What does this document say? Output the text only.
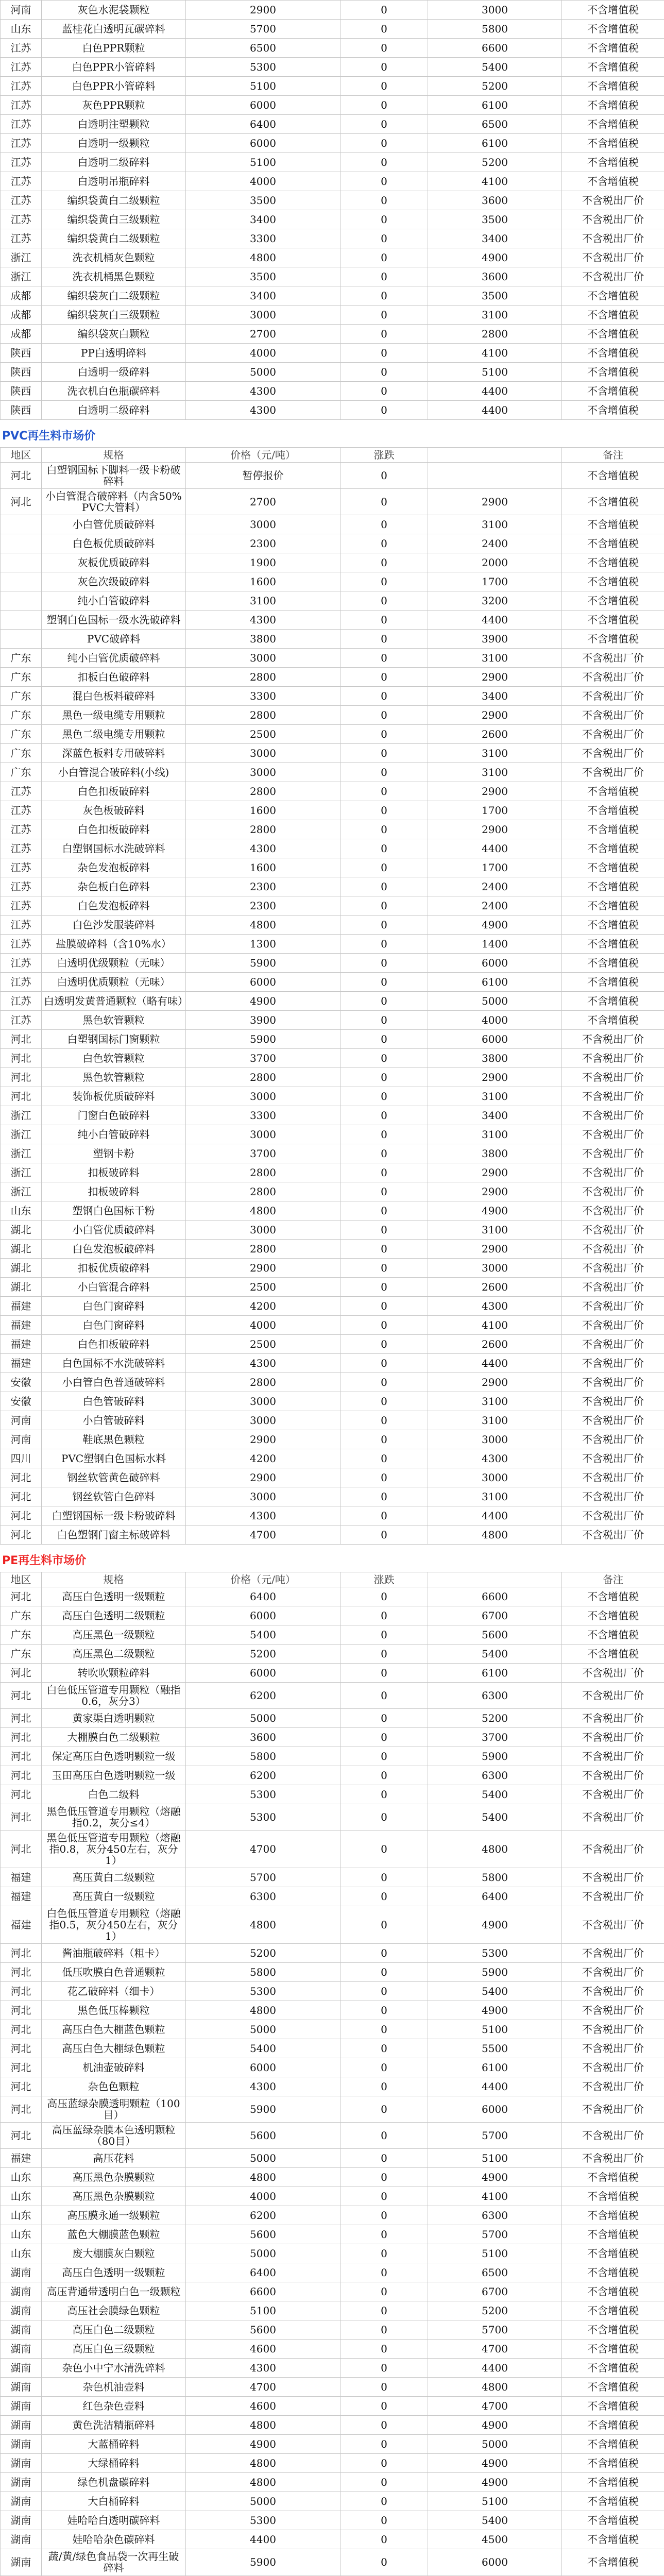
河南	灰色水泥袋颗粒	2900	0	3000	不含增值税
山东	蓝桂花白透明瓦碳碎料	5700	0	5800	不含增值税
江苏	白色PPR颗粒	6500	0	6600	不含增值税
江苏	白色PPR小管碎料	5300	0	5400	不含增值税
江苏	白色PPR小管碎料	5100	0	5200	不含增值税
江苏	灰色PPR颗粒	6000	0	6100	不含增值税
江苏	白透明注塑颗粒	6400	0	6500	不含增值税
江苏	白透明一级颗粒	6000	0	6100	不含增值税
江苏	白透明二级碎料	5100	0	5200	不含增值税
江苏	白透明吊瓶碎料	4000	0	4100	不含增值税
江苏	编织袋黄白二级颗粒	3500	0	3600	不含税出厂价
江苏	编织袋黄白三级颗粒	3400	0	3500	不含税出厂价
江苏	编织袋黄白二级颗粒	3300	0	3400	不含税出厂价
浙江	洗衣机桶灰色颗粒	4800	0	4900	不含税出厂价
浙江	洗衣机桶黑色颗粒	3500	0	3600	不含税出厂价
成都	编织袋灰白二级颗粒	3400	0	3500	不含增值税
成都	编织袋灰白三级颗粒	3000	0	3100	不含增值税
成都	编织袋灰白颗粒	2700	0	2800	不含增值税
陕西	PP白透明碎料	4000	0	4100	不含增值税
陕西	白透明一级碎料	5000	0	5100	不含增值税
陕西	洗衣机白色瓶碳碎料	4300	0	4400	不含增值税
陕西	白透明二级碎料	4300	0	4400	不含增值税
PVC再生料市场价
地区	规格	价格（元/吨）	涨跌		备注
河北	白塑钢国标下脚料一级卡粉破碎料	暂停报价	0		不含增值税
河北	小白管混合破碎料（内含50%PVC大管料）	2700	0	2900	不含增值税
	小白管优质破碎料	3000	0	3100	不含增值税
	白色板优质破碎料	2300	0	2400	不含增值税
	灰板优质破碎料	1900	0	2000	不含增值税
	灰色次级破碎料	1600	0	1700	不含增值税
	纯小白管破碎料	3100	0	3200	不含增值税
	塑钢白色国标一级水洗破碎料	4300	0	4400	不含增值税
	PVC破碎料	3800	0	3900	不含增值税
广东	纯小白管优质破碎料	3000	0	3100	不含税出厂价
广东	扣板白色破碎料	2800	0	2900	不含税出厂价
广东	混白色板料破碎料	3300	0	3400	不含税出厂价
广东	黑色一级电缆专用颗粒	2800	0	2900	不含税出厂价
广东	黑色二级电缆专用颗粒	2500	0	2600	不含税出厂价
广东	深蓝色板料专用破碎料	3000	0	3100	不含税出厂价
广东	小白管混合破碎料(小线)	3000	0	3100	不含税出厂价
江苏	白色扣板破碎料	2800	0	2900	不含增值税
江苏	灰色板破碎料	1600	0	1700	不含增值税
江苏	白色扣板破碎料	2800	0	2900	不含增值税
江苏	白塑钢国标水洗破碎料	4300	0	4400	不含增值税
江苏	杂色发泡板碎料	1600	0	1700	不含增值税
江苏	杂色板白色碎料	2300	0	2400	不含增值税
江苏	白色发泡板碎料	2300	0	2400	不含增值税
江苏	白色沙发服装碎料	4800	0	4900	不含增值税
江苏	盐膜破碎料（含10%水）	1300	0	1400	不含增值税
江苏	白透明优级颗粒（无味）	5900	0	6000	不含增值税
江苏	白透明优质颗粒（无味）	6000	0	6100	不含增值税
江苏	白透明发黄普通颗粒（略有味）	4900	0	5000	不含增值税
江苏	黑色软管颗粒	3900	0	4000	不含增值税
河北	白塑钢国标门窗颗粒	5900	0	6000	不含税出厂价
河北	白色软管颗粒	3700	0	3800	不含税出厂价
河北	黑色软管颗粒	2800	0	2900	不含税出厂价
河北	装饰板优质破碎料	3000	0	3100	不含税出厂价
浙江	门窗白色破碎料	3300	0	3400	不含税出厂价
浙江	纯小白管破碎料	3000	0	3100	不含税出厂价
浙江	塑钢卡粉	3700	0	3800	不含税出厂价
浙江	扣板破碎料	2800	0	2900	不含税出厂价
浙江	扣板破碎料	2800	0	2900	不含税出厂价
山东	塑钢白色国标干粉	4800	0	4900	不含税出厂价
湖北	小白管优质破碎料	3000	0	3100	不含税出厂价
湖北	白色发泡板破碎料	2800	0	2900	不含税出厂价
湖北	扣板优质破碎料	2900	0	3000	不含税出厂价
湖北	小白管混合碎料	2500	0	2600	不含税出厂价
福建	白色门窗碎料	4200	0	4300	不含税出厂价
福建	白色门窗碎料	4000	0	4100	不含税出厂价
福建	白色扣板破碎料	2500	0	2600	不含税出厂价
福建	白色国标不水洗破碎料	4300	0	4400	不含税出厂价
安徽	小白管白色普通破碎料	2800	0	2900	不含税出厂价
安徽	白色管破碎料	3000	0	3100	不含税出厂价
河南	小白管破碎料	3000	0	3100	不含税出厂价
河南	鞋底黑色颗粒	2900	0	3000	不含税出厂价
四川	PVC塑钢白色国标水料	4200	0	4300	不含税出厂价
河北	钢丝软管黄色破碎料	2900	0	3000	不含税出厂价
河北	钢丝软管白色碎料	3000	0	3100	不含税出厂价
河北	白塑钢国标一级卡粉破碎料	4300	0	4400	不含税出厂价
河北	白色塑钢门窗主标破碎料	4700	0	4800	不含税出厂价
PE再生料市场价
地区	规格	价格（元/吨）	涨跌		备注
河北	高压白色透明一级颗粒	6400	0	6600	不含增值税
广东	高压白色透明二级颗粒	6000	0	6700	不含增值税
广东	高压黑色一级颗粒	5400	0	5600	不含增值税
广东	高压黑色二级颗粒	5200	0	5400	不含增值税
河北	转吹吹颗粒碎料	6000	0	6100	不含税出厂价
河北	白色低压管道专用颗粒（融指0.6，灰分3）	6200	0	6300	不含税出厂价
河北	黄家渠白透明颗粒	5000	0	5200	不含税出厂价
河北	大棚膜白色二级颗粒	3600	0	3700	不含税出厂价
河北	保定高压白色透明颗粒一级	5800	0	5900	不含税出厂价
河北	玉田高压白色透明颗粒一级	6200	0	6300	不含税出厂价
河北	白色二级料	5300	0	5400	不含税出厂价
河北	黑色低压管道专用颗粒（熔融指0.2，灰分≤4）	5300	0	5400	不含税出厂价
河北	黑色低压管道专用颗粒（熔融指0.8，灰分450左右，灰分1）	4700	0	4800	不含税出厂价
福建	高压黄白二级颗粒	5700	0	5800	不含税出厂价
福建	高压黄白一级颗粒	6300	0	6400	不含税出厂价
福建	白色低压管道专用颗粒（熔融指0.5，灰分450左右，灰分1）	4800	0	4900	不含税出厂价
河北	酱油瓶破碎料（粗卡）	5200	0	5300	不含税出厂价
河北	低压吹膜白色普通颗粒	5800	0	5900	不含税出厂价
河北	花乙破碎料（细卡）	5300	0	5400	不含税出厂价
河北	黑色低压棒颗粒	4800	0	4900	不含税出厂价
河北	高压白色大棚蓝色颗粒	5000	0	5100	不含税出厂价
河北	高压白色大棚绿色颗粒	5400	0	5500	不含税出厂价
河北	机油壶破碎料	6000	0	6100	不含税出厂价
河北	杂色色颗粒	4300	0	4400	不含税出厂价
河北	高压蓝绿杂膜透明颗粒（100目）	5900	0	6000	不含税出厂价
河北	高压蓝绿杂膜本色透明颗粒（80目）	5600	0	5700	不含税出厂价
福建	高压花料	5000	0	5100	不含税出厂价
山东	高压黑色杂膜颗粒	4800	0	4900	不含增值税
山东	高压黑色杂膜颗粒	4000	0	4100	不含增值税
山东	高压膜永通一级颗粒	6200	0	6300	不含增值税
山东	蓝色大棚膜蓝色颗粒	5600	0	5700	不含增值税
山东	废大棚膜灰白颗粒	5000	0	5100	不含增值税
湖南	高压白色透明一级颗粒	6400	0	6500	不含增值税
湖南	高压背通带透明白色一级颗粒	6600	0	6700	不含增值税
湖南	高压社会膜绿色颗粒	5100	0	5200	不含增值税
湖南	高压白色二级颗粒	5600	0	5700	不含增值税
湖南	高压白色三级颗粒	4600	0	4700	不含增值税
湖南	杂色小中宁水清洗碎料	4300	0	4400	不含增值税
湖南	杂色机油壶料	4700	0	4800	不含增值税
湖南	红色杂色壶料	4600	0	4700	不含增值税
湖南	黄色洗洁精瓶碎料	4800	0	4900	不含增值税
湖南	大蓝桶碎料	4900	0	5000	不含增值税
湖南	大绿桶碎料	4800	0	4900	不含增值税
湖南	绿色机盘碳碎料	4800	0	4900	不含增值税
湖南	大白桶碎料	5000	0	5100	不含增值税
湖南	娃哈哈白透明碳碎料	5300	0	5400	不含增值税
湖南	娃哈哈杂色碳碎料	4400	0	4500	不含增值税
湖南	蔬/黄/绿色食品袋一次再生破碎料	5900	0	6000	不含增值税
